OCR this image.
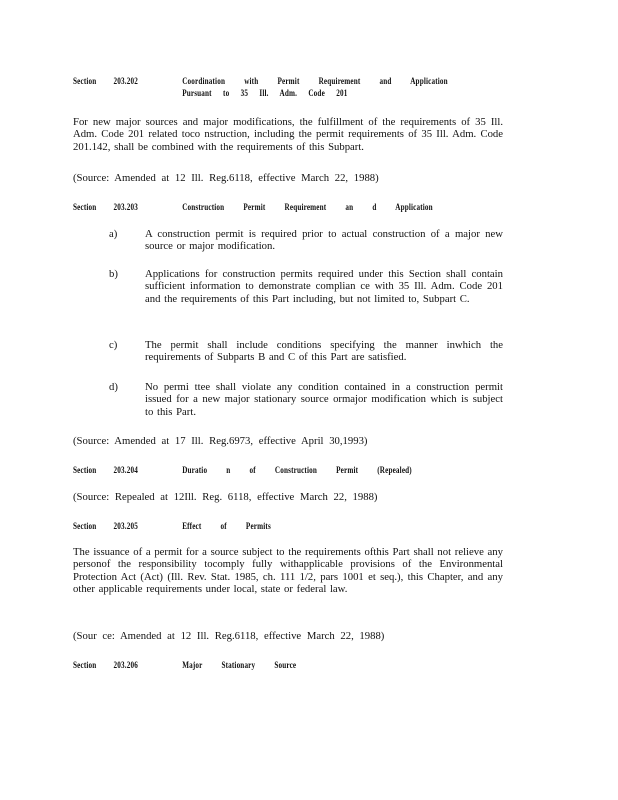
Section 203.202	Coordination with Permit Requirement and Application
Pursuant to 35 Ill. Adm. Code 201

For new major sources and major modifications, the fulfillment of the requirements of 35 Ill. Adm. Code 201 related toco nstruction, including the permit requirements of 35 Ill. Adm. Code 201.142, shall be combined with the requirements of this Subpart.

(Source: Amended at 12 Ill. Reg.6118, effective March 22, 1988)
Section 203.203	Construction Permit Requirement an d Application
a)	A construction permit is required prior to actual construction of a major new source or major modification.

b)	Applications for construction permits required under this Section shall contain sufficient information to demonstrate complian ce with 35 Ill. Adm. Code 201 and the requirements of this Part including, but not limited to, Subpart C.

c)	The permit shall include conditions specifying the manner inwhich the requirements of Subparts B and C of this Part are satisfied.

d)	No permi ttee shall violate any condition contained in a construction permit issued for a new major stationary source ormajor modification which is subject to this Part.

(Source: Amended at 17 Ill. Reg.6973, effective April 30,1993)
Section 203.204	Duratio n of Construction Permit (Repealed)
(Source: Repealed at 12Ill. Reg. 6118, effective March 22, 1988)
Section 203.205	Effect of Permits

The issuance of a permit for a source subject to the requirements ofthis Part shall not relieve any personof the responsibility tocomply fully withapplicable provisions of the Environmental Protection Act (Act) (Ill. Rev. Stat. 1985, ch. 111 1/2, pars 1001 et seq.), this Chapter, and any other applicable requirements under local, state or federal law.

(Sour ce: Amended at 12 Ill. Reg.6118, effective March 22, 1988)
Section 203.206	Major Stationary Source
